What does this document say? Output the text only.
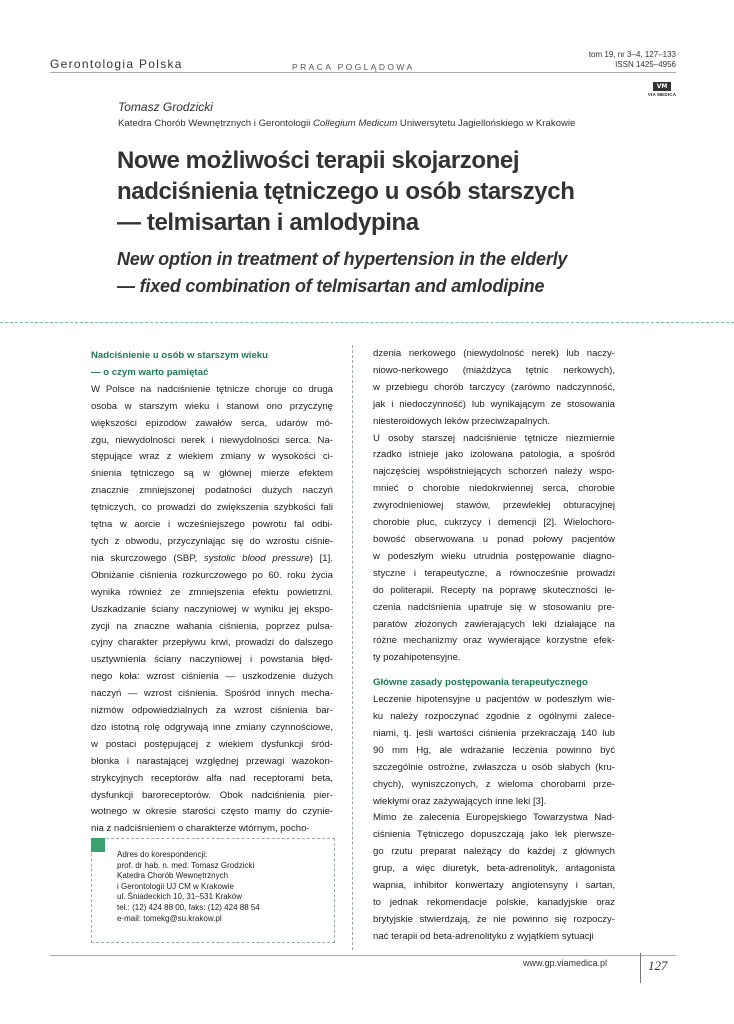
Gerontologia Polska	PRACA POGLĄDOWA
tom 19, nr 3–4, 127–133
ISSN 1425–4956
VM
VIA MEDICA
Tomasz Grodzicki
Katedra Chorób Wewnętrznych i Gerontologii Collegium Medicum Uniwersytetu Jagiellońskiego w Krakowie
Nowe możliwości terapii skojarzonej
nadciśnienia tętniczego u osób starszych
— telmisartan i amlodypina
New option in treatment of hypertension in the elderly
— fixed combination of telmisartan and amlodipine
Nadciśnienie u osób w starszym wieku
— o czym warto pamiętać
W Polsce na nadciśnienie tętnicze choruje co druga
osoba w starszym wieku i stanowi ono przyczynę
większości epizodów zawałów serca, udarów mó-
zgu, niewydolności nerek i niewydolności serca. Na-
stępujące wraz z wiekiem zmiany w wysokości ci-
śnienia tętniczego są w głównej mierze efektem
znacznie zmniejszonej podatności dużych naczyń
tętniczych, co prowadzi do zwiększenia szybkości fali
tętna w aorcie i wcześniejszego powrotu fal odbi-
tych z obwodu, przyczyniając się do wzrostu ciśnie-
nia skurczowego (SBP, systolic blood pressure) [1].
Obniżanie ciśnienia rozkurczowego po 60. roku życia
wynika również ze zmniejszenia efektu powietrzni.
Uszkadzanie ściany naczyniowej w wyniku jej ekspo-
zycji na znaczne wahania ciśnienia, poprzez pulsa-
cyjny charakter przepływu krwi, prowadzi do dalszego
usztywnienia ściany naczyniowej i powstania błęd-
nego koła: wzrost ciśnienia — uszkodzenie dużych
naczyń — wzrost ciśnienia. Spośród innych mecha-
nizmów odpowiedzialnych za wzrost ciśnienia bar-
dzo istotną rolę odgrywają inne zmiany czynnościowe,
w postaci postępującej z wiekiem dysfunkcji śród-
błonka i narastającej względnej przewagi wazokon-
strykcyjnych receptorów alfa nad receptorami beta,
dysfunkcji baroreceptorów. Obok nadciśnienia pier-
wotnego w okresie starości często mamy do czynie-
nia z nadciśnieniem o charakterze wtórnym, pocho-
Adres do korespondencji:
prof. dr hab. n. med. Tomasz Grodzicki
Katedra Chorób Wewnętrznych
i Gerontologii UJ CM w Krakowie
ul. Śniadeckich 10, 31–531 Kraków
tel.: (12) 424 88 00, faks: (12) 424 88 54
e-mail: tomekg@su.krakow.pl
dzenia nerkowego (niewydolność nerek) lub naczy-
niowo-nerkowego (miażdżyca tętnic nerkowych),
w przebiegu chorób tarczycy (zarówno nadczynność,
jak i niedoczynność) lub wynikającym ze stosowania
niesteroidowych leków przeciwzapalnych.
U osoby starszej nadciśnienie tętnicze niezmiernie
rzadko istnieje jako izolowana patologia, a spośród
najczęściej współistniejących schorzeń należy wspo-
mnieć o chorobie niedokrwiennej serca, chorobie
zwyrodnieniowej stawów, przewlekłej obturacyjnej
chorobie płuc, cukrzycy i demencji [2]. Wielochoro-
bowość obserwowana u ponad połowy pacjentów
w podeszłym wieku utrudnia postępowanie diagno-
styczne i terapeutyczne, a równocześnie prowadzi
do politerapii. Recepty na poprawę skuteczności le-
czenia nadciśnienia upatruje się w stosowaniu pre-
paratów złożonych zawierających leki działające na
różne mechanizmy oraz wywierające korzystne efek-
ty pozahipotensyjne.
Główne zasady postępowania terapeutycznego
Leczenie hipotensyjne u pacjentów w podeszłym wie-
ku należy rozpoczynać zgodnie z ogólnymi zalece-
niami, tj. jeśli wartości ciśnienia przekraczają 140 lub
90 mm Hg, ale wdrażanie leczenia powinno być
szczególnie ostrożne, zwłaszcza u osób słabych (kru-
chych), wyniszczonych, z wieloma chorobami prze-
wlekłymi oraz zażywających inne leki [3].
Mimo że zalecenia Europejskiego Towarzystwa Nad-
ciśnienia Tętniczego dopuszczają jako lek pierwsze-
go rzutu preparat należący do każdej z głównych
grup, a więc diuretyk, beta-adrenolityk, antagonista
wapnia, inhibitor konwertazy angiotensyny i sartan,
to jednak rekomendacje polskie, kanadyjskie oraz
brytyjskie stwierdzają, że nie powinno się rozpoczy-
nać terapii od beta-adrenolityku z wyjątkiem sytuacji
www.gp.viamedica.pl	127
